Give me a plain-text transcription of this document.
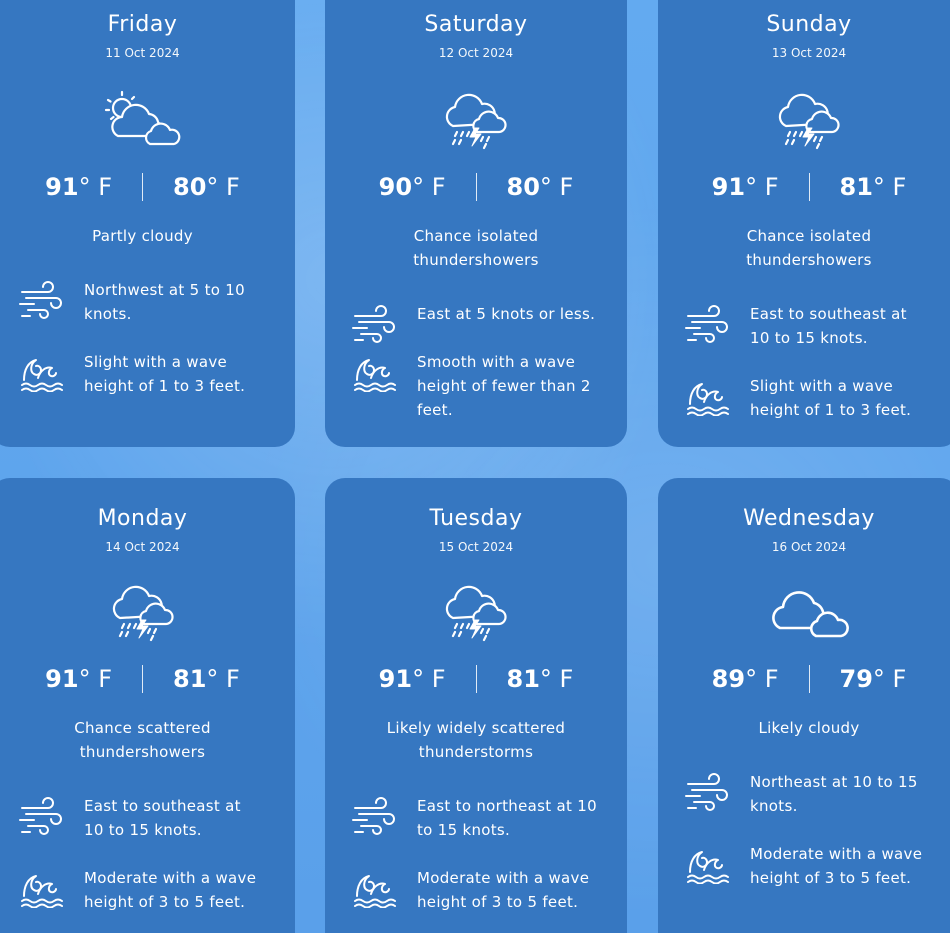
Friday
11 Oct 2024
91° F	80° F
Partly cloudy
Northwest at 5 to 10 knots.
Slight with a wave height of 1 to 3 feet.
Saturday
12 Oct 2024
90° F	80° F
Chance isolated thundershowers
East at 5 knots or less.
Smooth with a wave height of fewer than 2 feet.
Sunday
13 Oct 2024
91° F	81° F
Chance isolated thundershowers
East to southeast at 10 to 15 knots.
Slight with a wave height of 1 to 3 feet.
Monday
14 Oct 2024
91° F	81° F
Chance scattered thundershowers
East to southeast at 10 to 15 knots.
Moderate with a wave height of 3 to 5 feet.
Tuesday
15 Oct 2024
91° F	81° F
Likely widely scattered thunderstorms
East to northeast at 10 to 15 knots.
Moderate with a wave height of 3 to 5 feet.
Wednesday
16 Oct 2024
89° F	79° F
Likely cloudy
Northeast at 10 to 15 knots.
Moderate with a wave height of 3 to 5 feet.
